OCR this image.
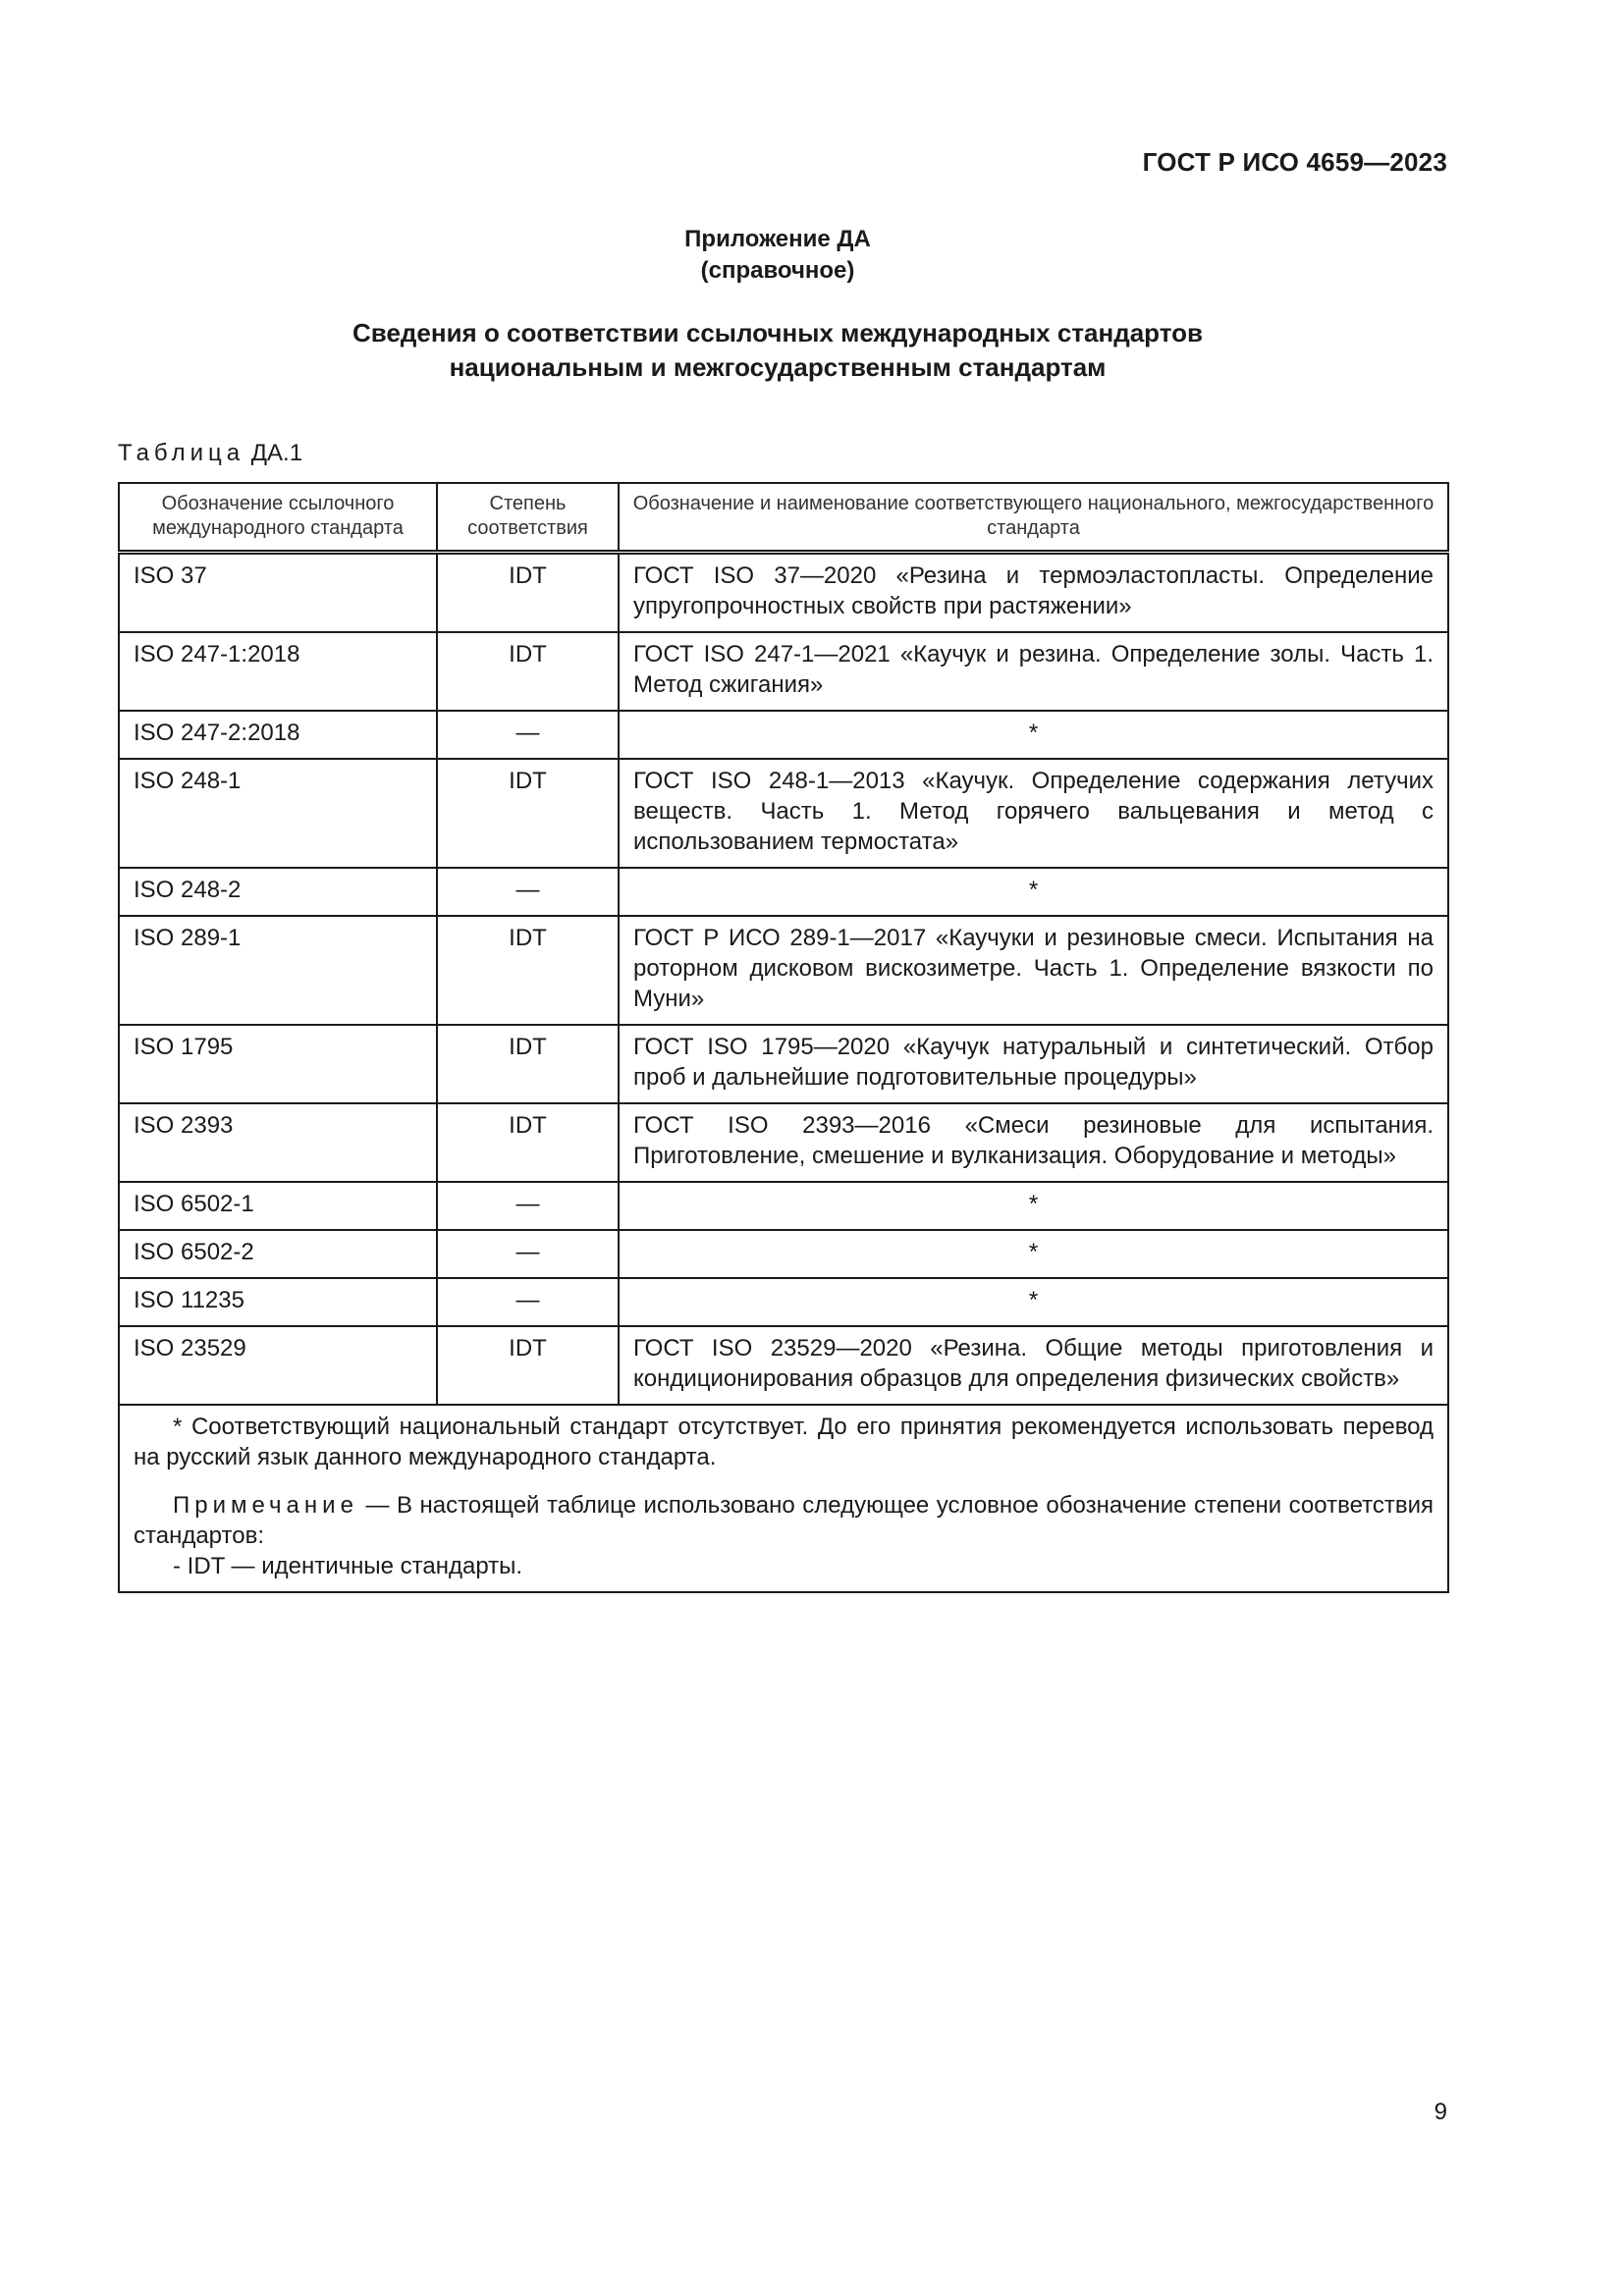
ГОСТ Р ИСО 4659—2023
Приложение ДА
(справочное)
Сведения о соответствии ссылочных международных стандартов
национальным и межгосударственным стандартам
Таблица ДА.1
Обозначение ссылочного международного стандарта	Степень соответствия	Обозначение и наименование соответствующего национального, межгосударственного стандарта
ISO 37	IDT	ГОСТ ISO 37—2020 «Резина и термоэластопласты. Определение упругопрочностных свойств при растяжении»
ISO 247-1:2018	IDT	ГОСТ ISO 247-1—2021 «Каучук и резина. Определение золы. Часть 1. Метод сжигания»
ISO 247-2:2018	—	*
ISO 248-1	IDT	ГОСТ ISO 248-1—2013 «Каучук. Определение содержания летучих веществ. Часть 1. Метод горячего вальцевания и метод с использованием термостата»
ISO 248-2	—	*
ISO 289-1	IDT	ГОСТ Р ИСО 289-1—2017 «Каучуки и резиновые смеси. Испытания на роторном дисковом вискозиметре. Часть 1. Определение вязкости по Муни»
ISO 1795	IDT	ГОСТ ISO 1795—2020 «Каучук натуральный и синтетический. Отбор проб и дальнейшие подготовительные процедуры»
ISO 2393	IDT	ГОСТ ISO 2393—2016 «Смеси резиновые для испытания. Приготовление, смешение и вулканизация. Оборудование и методы»
ISO 6502-1	—	*
ISO 6502-2	—	*
ISO 11235	—	*
ISO 23529	IDT	ГОСТ ISO 23529—2020 «Резина. Общие методы приготовления и кондиционирования образцов для определения физических свойств»

* Соответствующий национальный стандарт отсутствует. До его принятия рекомендуется использовать перевод на русский язык данного международного стандарта.

Примечание — В настоящей таблице использовано следующее условное обозначение степени соответствия стандартов:

- IDT — идентичные стандарты.		

9
